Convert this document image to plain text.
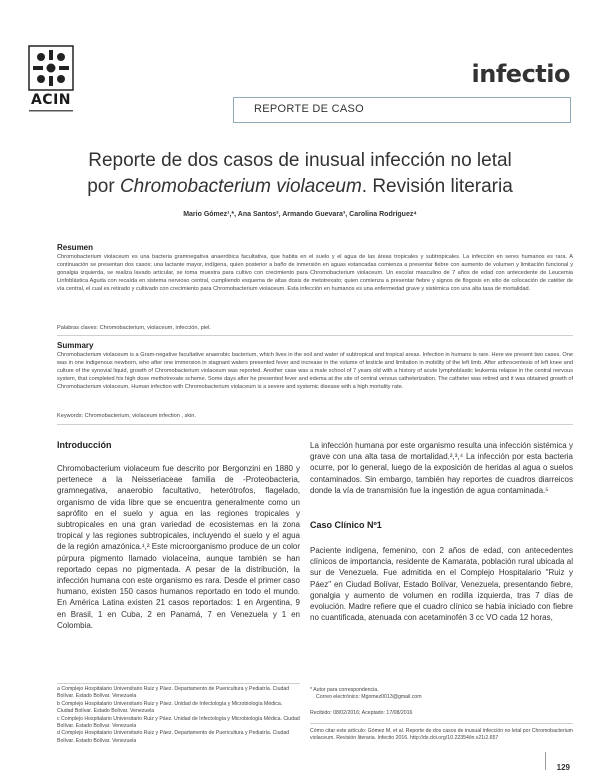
ACIN
infectio
REPORTE DE CASO
Reporte de dos casos de inusual infección no letal
por Chromobacterium violaceum. Revisión literaria
Mario Gómez¹,*, Ana Santos², Armando Guevara³, Carolina Rodríguez⁴
Resumen
Chromobacterium violaceum es una bacteria gramnegativa anaeróbica facultativa, que habita en el suelo y el agua de las áreas tropicales y subtropicales. La infección en seres humanos es rara. A continuación se presentan dos casos; una lactante mayor, indígena, quien posterior a baño de inmersión en aguas estancadas comienza a presentar fiebre con aumento de volumen y limitación funcional y gonalgia izquierda, se realiza lavado articular, se toma muestra para cultivo con crecimiento para Chromobacterium violaceum. Un escolar masculino de 7 años de edad con antecedente de Leucemia Linfoblástica Aguda con recaída en sistema nervioso central, cumpliendo esquema de altas dosis de metotrexato; quien comienza a presentar fiebre y signos de flogosis en sitio de colocación de catéter de vía central, el cual es retirado y cultivado con crecimiento para Chromobacterium violaceum. Esta infección en humanos es una enfermedad grave y sistémica con una alta tasa de mortalidad.
Palabras claves: Chromobacterium, violaceum, infección, piel.
Summary
Chromobacterium violaceum is a Gram-negative facultative anaerobic bacterium, which lives in the soil and water of subtropical and tropical areas. Infection in humans is rare. Here we present two cases. One was in one indigenous newborn, who after one immersion in stagnant waters presented fever and increase in the volume of testicle and limitation in mobility of the left limb. After arthrocentesis of left knee and culture of the synovial liquid, growth of Chromobacterium violaceum was reported. Another case was a male school of 7 years old with a history of acute lymphoblastic leukemia relapse in the central nervous system, that completed his high dose methotrexate scheme. Some days after he presented fever and edema at the site of central venous catheterization. The catheter was retired and it was obtained growth of Chromobacterium violaceum. Human infection with Chromobacterium violaceum is a severe and systemic disease with a high mortality rate.
Keywords: Chromobacterium, violaceum infection , skin.
Introducción
Chromobacterium violaceum fue descrito por Bergonzini en 1880 y pertenece a la Neisseriaceae familia de -Proteobacteria, gramnegativa, anaerobio facultativo, heterótrofos, flagelado, organismo de vida libre que se encuentra generalmente como un saprófito en el suelo y agua en las regiones tropicales y subtropicales en una gran variedad de ecosistemas en la zona tropical y las regiones subtropicales, incluyendo el suelo y el agua de la región amazónica.¹,² Este microorganismo produce de un color púrpura pigmento llamado violaceína, aunque también se han reportado cepas no pigmentada. A pesar de la distribución, la infección humana con este organismo es rara. Desde el primer caso humano, existen 150 casos humanos reportado en todo el mundo. En América Latina existen 21 casos reportados: 1 en Argentina, 9 en Brasil, 1 en Cuba, 2 en Panamá, 7 en Venezuela y 1 en Colombia.
La infección humana por este organismo resulta una infección sistémica y grave con una alta tasa de mortalidad.²,³,⁴ La infección por esta bacteria ocurre, por lo general, luego de la exposición de heridas al agua o suelos contaminados. Sin embargo, también hay reportes de cuadros diarreicos donde la vía de transmisión fue la ingestión de agua contaminada.⁵
Caso Clínico Nº1
Paciente indígena, femenino, con 2 años de edad, con antecedentes clínicos de importancia, residente de Kamarata, población rural ubicada al sur de Venezuela. Fue admitida en el Complejo Hospitalario "Ruiz y Páez" en Ciudad Bolívar, Estado Bolívar, Venezuela, presentando fiebre, gonalgia y aumento de volumen en rodilla izquierda, tras 7 días de evolución. Madre refiere que el cuadro clínico se había iniciado con fiebre no cuantificada, atenuada con acetaminofén 3 cc VO cada 12 horas,
a Complejo Hospitalario Universitario Ruiz y Páez. Departamento de Puericultura y Pediatría. Ciudad Bolívar. Estado Bolívar. Venezuela
b Complejo Hospitalario Universitario Ruiz y Páez. Unidad de Infectología y Microbiología Médica. Ciudad Bolívar. Estado Bolívar. Venezuela
c Complejo Hospitalario Universitario Ruiz y Páez. Unidad de Infectología y Microbiología Médica. Ciudad Bolívar. Estado Bolívar. Venezuela
d Complejo Hospitalario Universitario Ruiz y Páez. Departamento de Puericultura y Pediatría. Ciudad Bolívar. Estado Bolívar. Venezuela
* Autor para correspondencia.
Correo electrónico: Mgomez0013@gmail.com
Recibido: 08/02/2016; Aceptado: 17/08/2016
Cómo citar este artículo: Gómez M, et al. Reporte de dos casos de inusual infección no letal por Chromobacterium violaceum. Revisión literaria. Infectio 2016. http://dx.doi.org/10.22354/in.v21i2.657
129
